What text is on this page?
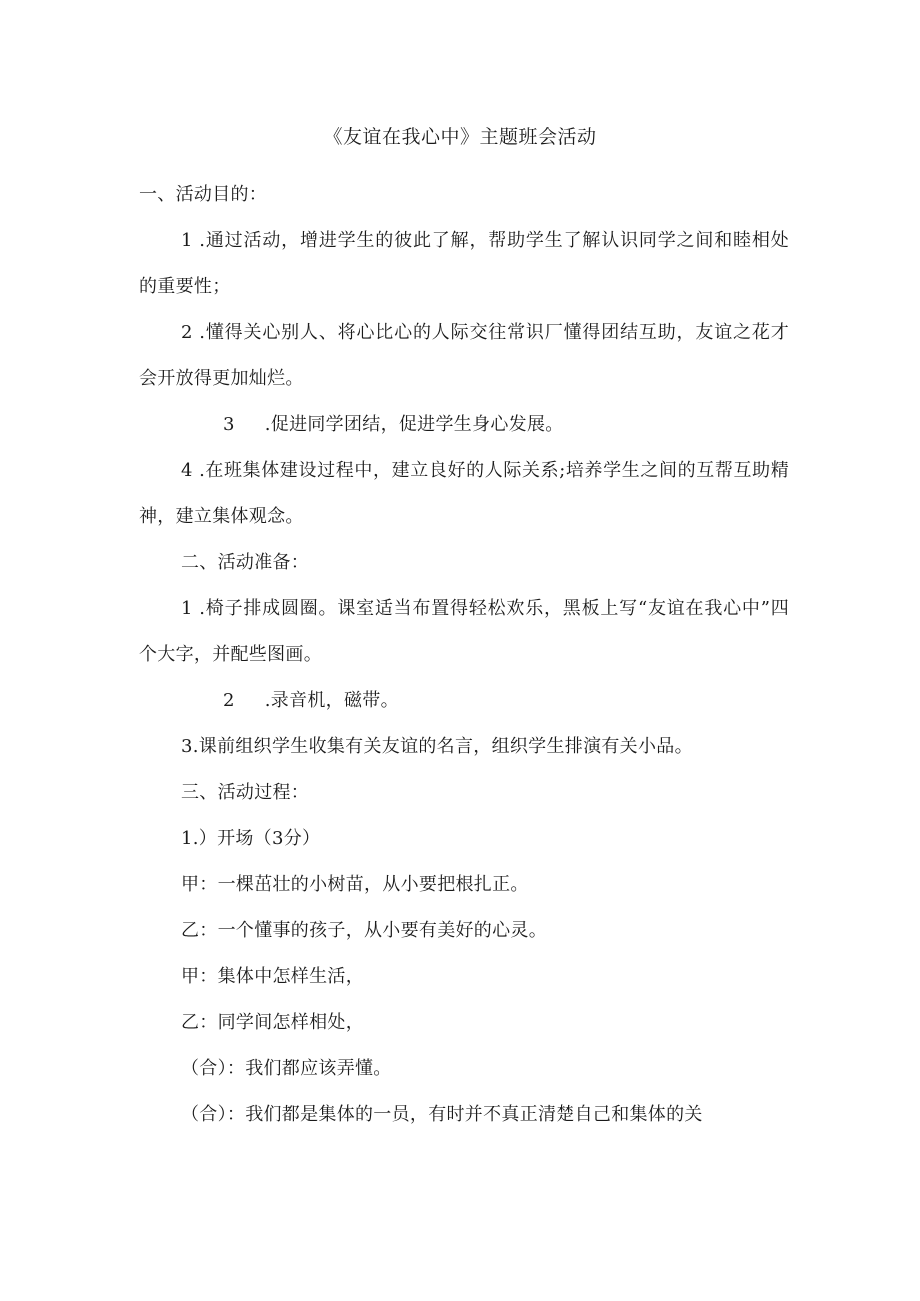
《友谊在我心中》主题班会活动

一、活动目的：

1 .通过活动，增进学生的彼此了解，帮助学生了解认识同学之间和睦相处的重要性；

2 .懂得关心别人、将心比心的人际交往常识厂懂得团结互助，友谊之花才会开放得更加灿烂。

3 .促进同学团结，促进学生身心发展。

4 .在班集体建设过程中，建立良好的人际关系;培养学生之间的互帮互助精神，建立集体观念。

二、活动准备：

1 .椅子排成圆圈。课室适当布置得轻松欢乐，黑板上写“友谊在我心中”四个大字，并配些图画。

2 .录音机，磁带。

3.课前组织学生收集有关友谊的名言，组织学生排演有关小品。

三、活动过程：

1.）开场（3分）

甲：一棵茁壮的小树苗，从小要把根扎正。

乙：一个懂事的孩子，从小要有美好的心灵。

甲：集体中怎样生活，

乙：同学间怎样相处，

（合）：我们都应该弄懂。

（合）：我们都是集体的一员，有时并不真正清楚自己和集体的关
